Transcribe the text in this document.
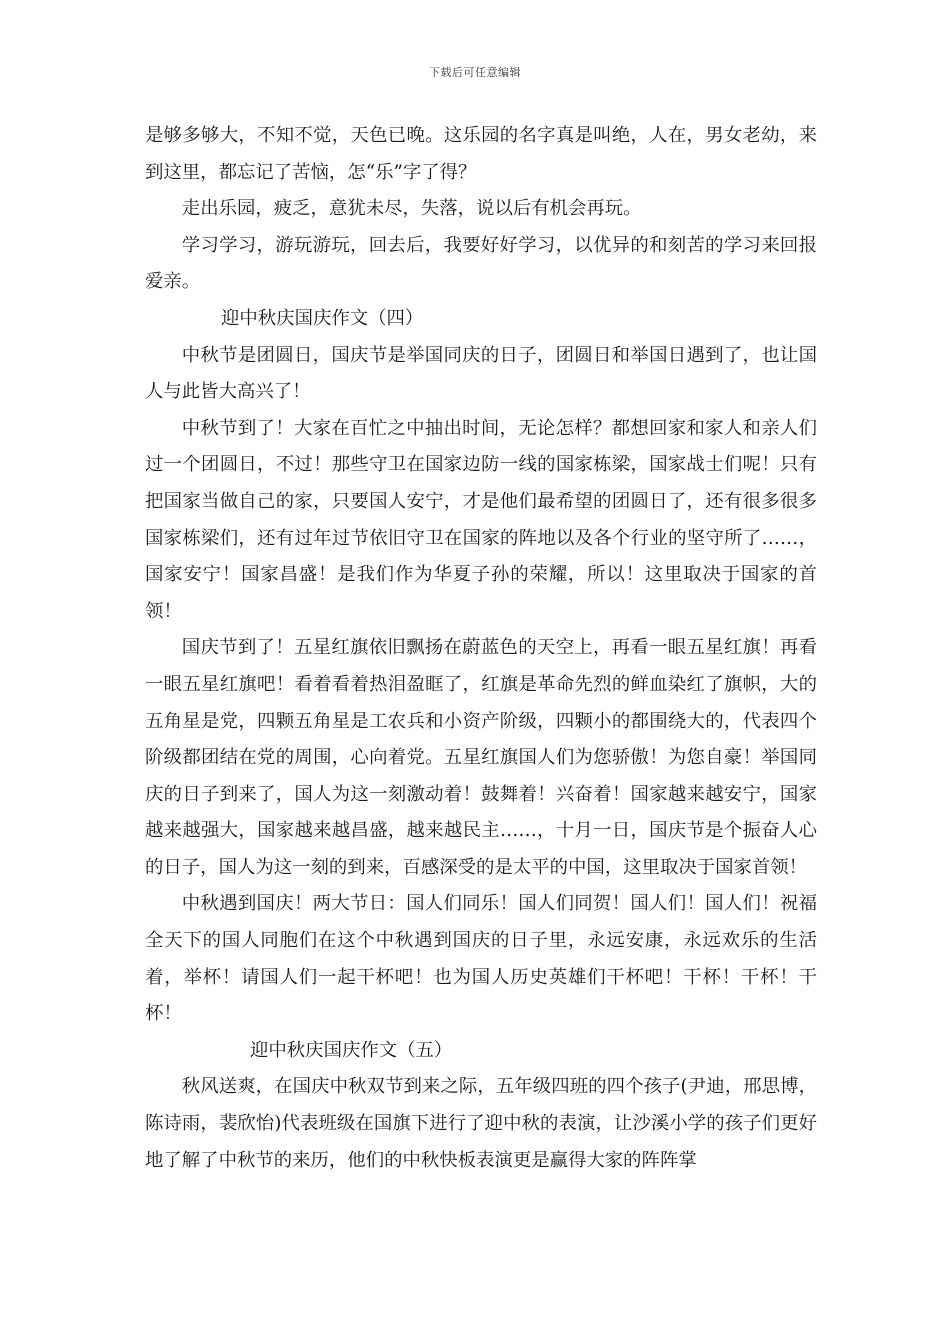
下载后可任意编辑

是够多够大，不知不觉，天色已晚。这乐园的名字真是叫绝，人在，男女老幼，来到这里，都忘记了苦恼，怎“乐”字了得？

走出乐园，疲乏，意犹未尽，失落，说以后有机会再玩。

学习学习，游玩游玩，回去后，我要好好学习，以优异的和刻苦的学习来回报爱亲。

迎中秋庆国庆作文（四）

中秋节是团圆日，国庆节是举国同庆的日子，团圆日和举国日遇到了，也让国人与此皆大高兴了！

中秋节到了！大家在百忙之中抽出时间，无论怎样？都想回家和家人和亲人们过一个团圆日，不过！那些守卫在国家边防一线的国家栋梁，国家战士们呢！只有把国家当做自己的家，只要国人安宁，才是他们最希望的团圆日了，还有很多很多国家栋梁们，还有过年过节依旧守卫在国家的阵地以及各个行业的坚守所了……，国家安宁！国家昌盛！是我们作为华夏子孙的荣耀，所以！这里取决于国家的首领！

国庆节到了！五星红旗依旧飘扬在蔚蓝色的天空上，再看一眼五星红旗！再看一眼五星红旗吧！看着看着热泪盈眶了，红旗是革命先烈的鲜血染红了旗帜，大的五角星是党，四颗五角星是工农兵和小资产阶级，四颗小的都围绕大的，代表四个阶级都团结在党的周围，心向着党。五星红旗国人们为您骄傲！为您自豪！举国同庆的日子到来了，国人为这一刻激动着！鼓舞着！兴奋着！国家越来越安宁，国家越来越强大，国家越来越昌盛，越来越民主……，十月一日，国庆节是个振奋人心的日子，国人为这一刻的到来，百感深受的是太平的中国，这里取决于国家首领！

中秋遇到国庆！两大节日：国人们同乐！国人们同贺！国人们！国人们！祝福全天下的国人同胞们在这个中秋遇到国庆的日子里，永远安康，永远欢乐的生活着，举杯！请国人们一起干杯吧！也为国人历史英雄们干杯吧！干杯！干杯！干杯！

迎中秋庆国庆作文（五）

秋风送爽，在国庆中秋双节到来之际，五年级四班的四个孩子(尹迪，邢思博，陈诗雨，裴欣怡)代表班级在国旗下进行了迎中秋的表演，让沙溪小学的孩子们更好地了解了中秋节的来历，他们的中秋快板表演更是赢得大家的阵阵掌
